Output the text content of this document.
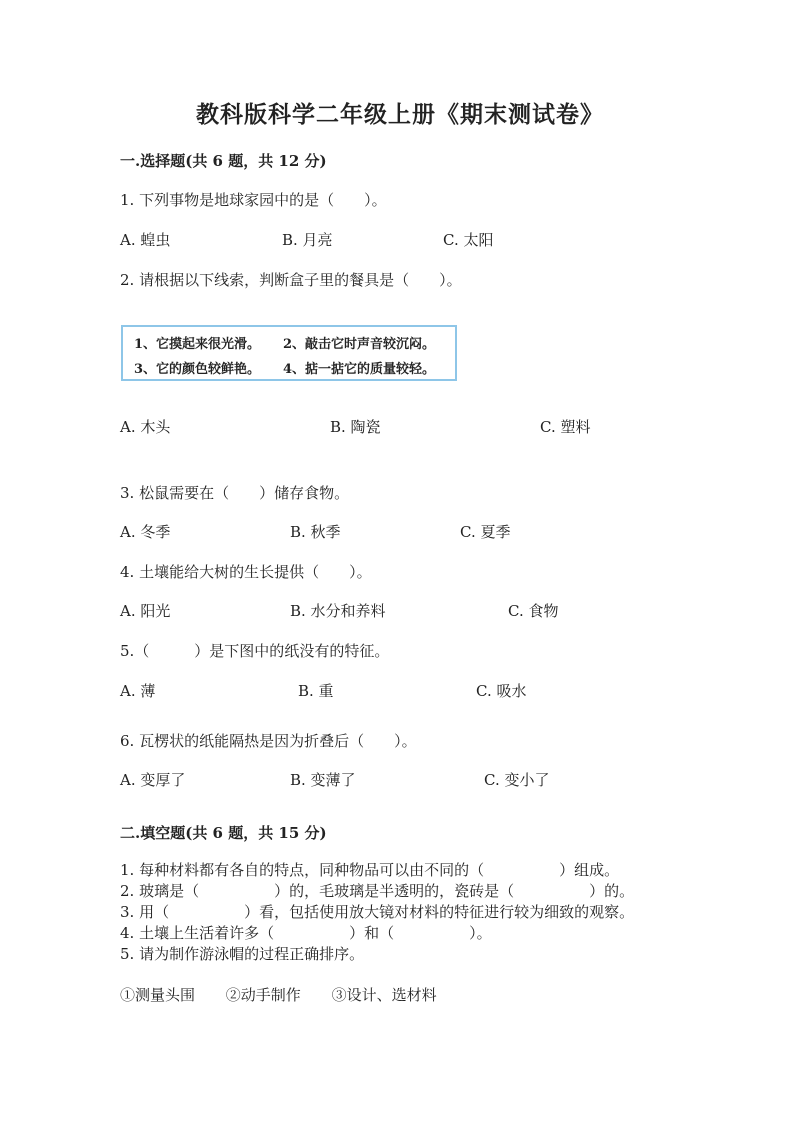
教科版科学二年级上册《期末测试卷》
一.选择题(共 6 题，共 12 分)
1. 下列事物是地球家园中的是（　　）。
A. 蝗虫	B. 月亮	C. 太阳
2. 请根据以下线索，判断盒子里的餐具是（　　）。
1、它摸起来很光滑。 2、敲击它时声音较沉闷。
3、它的颜色较鲜艳。 4、掂一掂它的质量较轻。
A. 木头	B. 陶瓷	C. 塑料
3. 松鼠需要在（　　）储存食物。
A. 冬季	B. 秋季	C. 夏季
4. 土壤能给大树的生长提供（　　）。
A. 阳光	B. 水分和养料	C. 食物
5.（　　　）是下图中的纸没有的特征。
A. 薄	B. 重	C. 吸水
6. 瓦楞状的纸能隔热是因为折叠后（　　）。
A. 变厚了	B. 变薄了	C. 变小了
二.填空题(共 6 题，共 15 分)
1. 每种材料都有各自的特点，同种物品可以由不同的（　　　　　）组成。
2. 玻璃是（　　　　　）的，毛玻璃是半透明的，瓷砖是（　　　　　）的。
3. 用（　　　　　）看，包括使用放大镜对材料的特征进行较为细致的观察。
4. 土壤上生活着许多（　　　　　）和（　　　　　）。
5. 请为制作游泳帽的过程正确排序。
①测量头围 ②动手制作 ③设计、选材料
